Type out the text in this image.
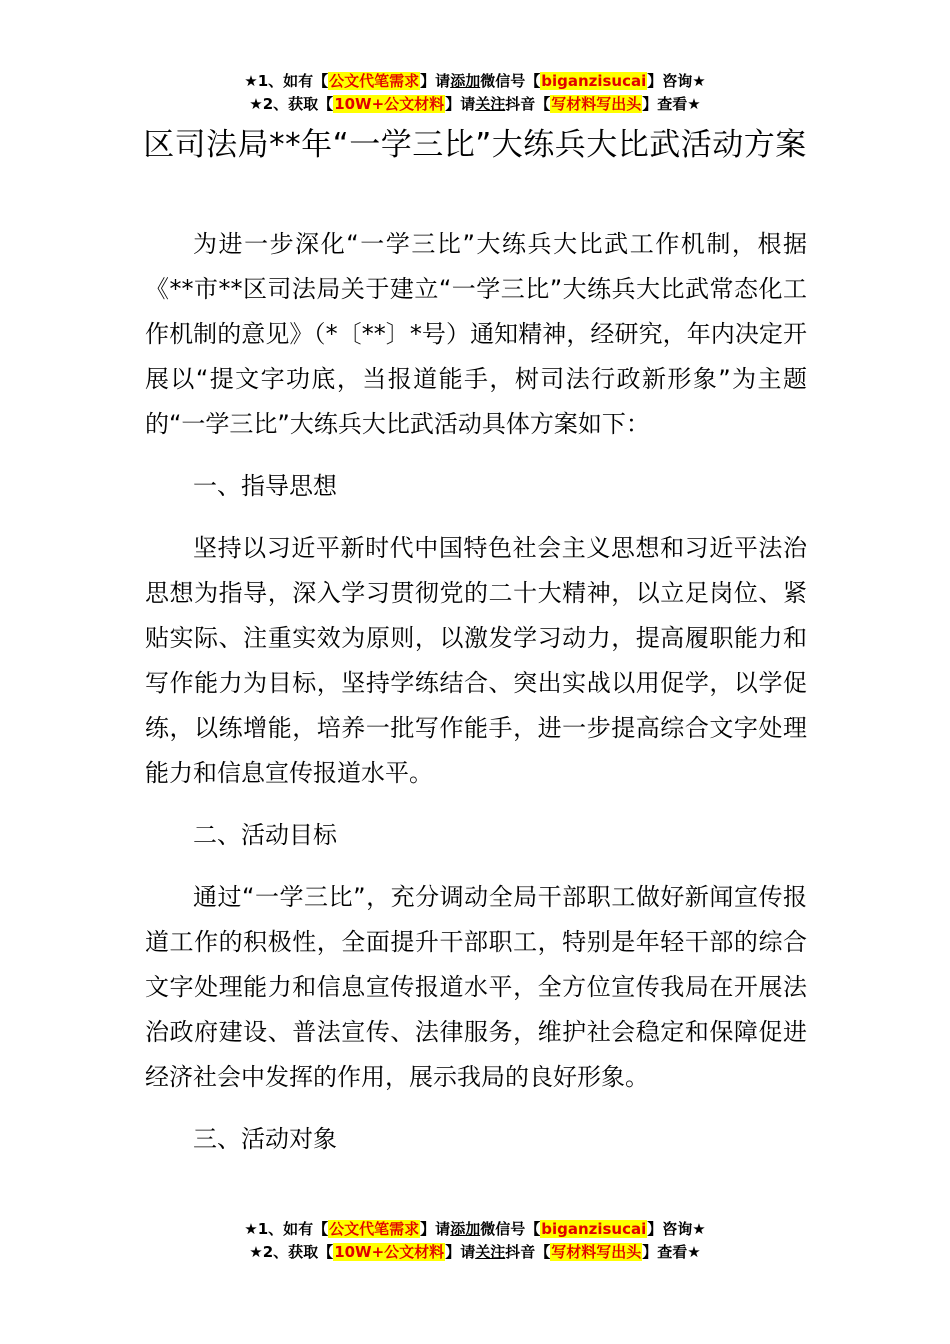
★1、如有【公文代笔需求】请添加微信号【biganzisucai】咨询★
★2、获取【10W+公文材料】请关注抖音【写材料写出头】查看★
区司法局**年“一学三比”大练兵大比武活动方案

为进一步深化“一学三比”大练兵大比武工作机制，根据《**市**区司法局关于建立“一学三比”大练兵大比武常态化工作机制的意见》（*〔**〕*号）通知精神，经研究，年内决定开展以“提文字功底，当报道能手，树司法行政新形象”为主题的“一学三比”大练兵大比武活动具体方案如下：

一、指导思想

坚持以习近平新时代中国特色社会主义思想和习近平法治思想为指导，深入学习贯彻党的二十大精神，以立足岗位、紧贴实际、注重实效为原则，以激发学习动力，提高履职能力和写作能力为目标，坚持学练结合、突出实战以用促学，以学促练，以练增能，培养一批写作能手，进一步提高综合文字处理能力和信息宣传报道水平。

二、活动目标

通过“一学三比”，充分调动全局干部职工做好新闻宣传报道工作的积极性，全面提升干部职工，特别是年轻干部的综合文字处理能力和信息宣传报道水平，全方位宣传我局在开展法治政府建设、普法宣传、法律服务，维护社会稳定和保障促进经济社会中发挥的作用，展示我局的良好形象。

三、活动对象

★1、如有【公文代笔需求】请添加微信号【biganzisucai】咨询★
★2、获取【10W+公文材料】请关注抖音【写材料写出头】查看★
